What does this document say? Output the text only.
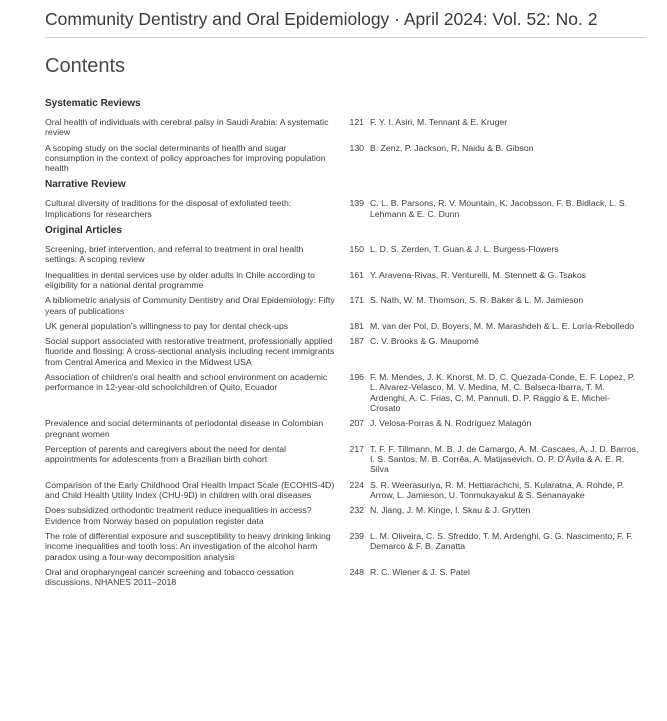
Community Dentistry and Oral Epidemiology · April 2024: Vol. 52: No. 2
Contents
Systematic Reviews
Oral health of individuals with cerebral palsy in Saudi Arabia: A systematic review
121 F. Y. I. Asiri, M. Tennant & E. Kruger
A scoping study on the social determinants of health and sugar consumption in the context of policy approaches for improving population health
130 B. Zenz, P. Jackson, R. Naidu & B. Gibson
Narrative Review
Cultural diversity of traditions for the disposal of exfoliated teeth: Implications for researchers
139 C. L. B. Parsons, R. V. Mountain, K. Jacobsson, F. B. Bidlack, L. S. Lehmann & E. C. Dunn
Original Articles
Screening, brief intervention, and referral to treatment in oral health settings: A scoping review
150 L. D. S. Zerden, T. Guan & J. L. Burgess-Flowers
Inequalities in dental services use by older adults in Chile according to eligibility for a national dental programme
161 Y. Aravena-Rivas, R. Venturelli, M. Stennett & G. Tsakos
A bibliometric analysis of Community Dentistry and Oral Epidemiology: Fifty years of publications
171 S. Nath, W. M. Thomson, S. R. Baker & L. M. Jamieson
UK general population's willingness to pay for dental check-ups	181 M. van der Pol, D. Boyers, M. M. Marashdeh & L. E. Loría-Rebolledo
Social support associated with restorative treatment, professionally applied fluoride and flossing: A cross-sectional analysis including recent immigrants from Central America and Mexico in the Midwest USA
187 C. V. Brooks & G. Maupomé
Association of children's oral health and school environment on academic performance in 12-year-old schoolchildren of Quito, Ecuador
196 F. M. Mendes, J. K. Knorst, M. D. C. Quezada-Conde, E. F. Lopez, P. L. Alvarez-Velasco, M. V. Medina, M. C. Balseca-Ibarra, T. M. Ardenghi, A. C. Frias, C. M. Pannuti, D. P. Raggio & E. Michel-Crosato
Prevalence and social determinants of periodontal disease in Colombian pregnant women
207 J. Velosa-Porras & N. Rodríguez Malagón
Perception of parents and caregivers about the need for dental appointments for adolescents from a Brazilian birth cohort
217 T. F. F. Tillmann, M. B. J. de Camargo, A. M. Cascaes, A. J. D. Barros, I. S. Santos, M. B. Corrêa, A. Matijasevich, O. P. D'Ávila & A. E. R. Silva
Comparison of the Early Childhood Oral Health Impact Scale (ECOHIS-4D) and Child Health Utility Index (CHU-9D) in children with oral diseases
224 S. R. Weerasuriya, R. M. Hettiarachchi, S. Kularatna, A. Rohde, P. Arrow, L. Jamieson, U. Tonmukayakul & S. Senanayake
Does subsidized orthodontic treatment reduce inequalities in access? Evidence from Norway based on population register data
232 N. Jiang, J. M. Kinge, I. Skau & J. Grytten
The role of differential exposure and susceptibility to heavy drinking linking income inequalities and tooth loss: An investigation of the alcohol harm paradox using a four-way decomposition analysis
239 L. M. Oliveira, C. S. Sfreddo, T. M. Ardenghi, G. G. Nascimento, F. F. Demarco & F. B. Zanatta
Oral and oropharyngeal cancer screening and tobacco cessation discussions, NHANES 2011–2018
248 R. C. Wiener & J. S. Patel
